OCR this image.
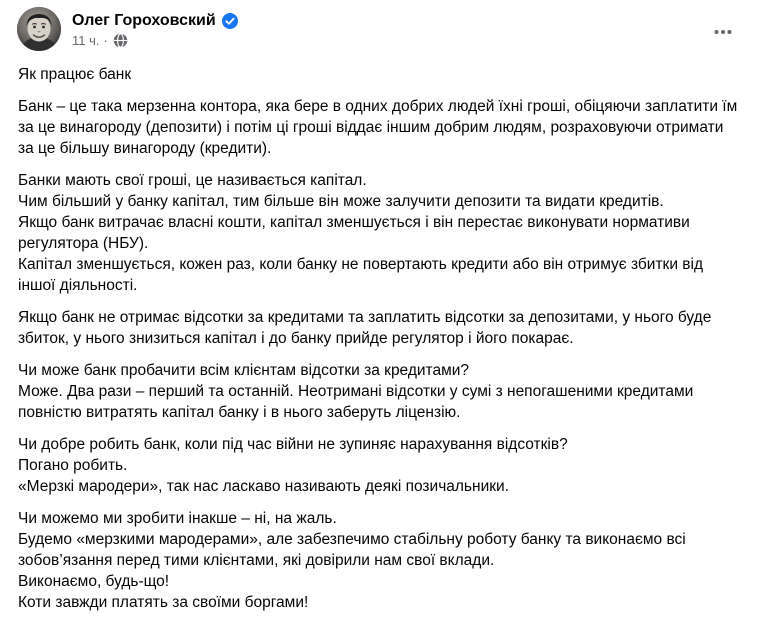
Олег Гороховский
11 ч. ·
Як працює банк
Банк – це така мерзенна контора, яка бере в одних добрих людей їхні гроші, обіцяючи заплатити їм за це винагороду (депозити) і потім ці гроші віддає іншим добрим людям, розраховуючи отримати за це більшу винагороду (кредити).
Банки мають свої гроші, це називається капітал.
Чим більший у банку капітал, тим більше він може залучити депозити та видати кредитів.
Якщо банк витрачає власні кошти, капітал зменшується і він перестає виконувати нормативи регулятора (НБУ).
Капітал зменшується, кожен раз, коли банку не повертають кредити або він отримує збитки від іншої діяльності.
Якщо банк не отримає відсотки за кредитами та заплатить відсотки за депозитами, у нього буде збиток, у нього знизиться капітал і до банку прийде регулятор і його покарає.
Чи може банк пробачити всім клієнтам відсотки за кредитами?
Може. Два рази – перший та останній. Неотримані відсотки у сумі з непогашеними кредитами повністю витратять капітал банку і в нього заберуть ліцензію.
Чи добре робить банк, коли під час війни не зупиняє нарахування відсотків?
Погано робить.
«Мерзкі мародери», так нас ласкаво називають деякі позичальники.
Чи можемо ми зробити інакше – ні, на жаль.
Будемо «мерзкими мародерами», але забезпечимо стабільну роботу банку та виконаємо всі зобов’язання перед тими клієнтами, які довірили нам свої вклади.
Виконаємо, будь-що!
Коти завжди платять за своїми боргами!
